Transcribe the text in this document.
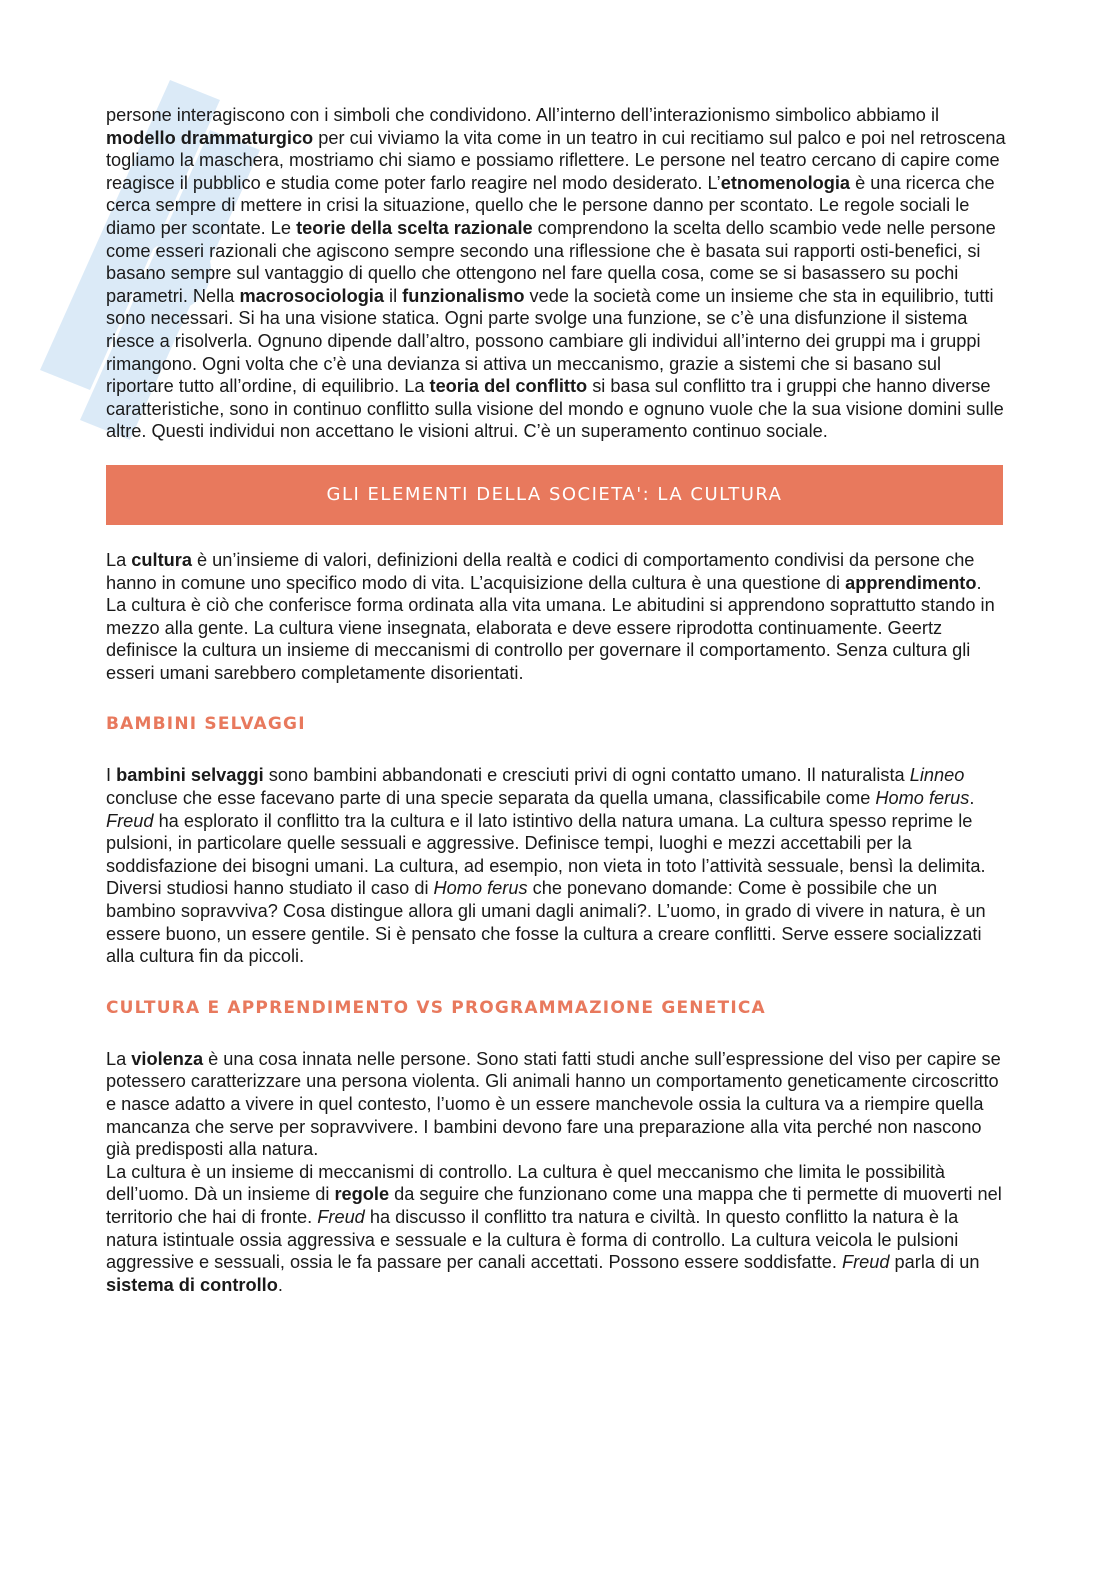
persone interagiscono con i simboli che condividono. All’interno dell’interazionismo simbolico abbiamo il modello drammaturgico per cui viviamo la vita come in un teatro in cui recitiamo sul palco e poi nel retroscena togliamo la maschera, mostriamo chi siamo e possiamo riflettere. Le persone nel teatro cercano di capire come reagisce il pubblico e studia come poter farlo reagire nel modo desiderato. L’etnomenologia è una ricerca che cerca sempre di mettere in crisi la situazione, quello che le persone danno per scontato. Le regole sociali le diamo per scontate. Le teorie della scelta razionale comprendono la scelta dello scambio vede nelle persone come esseri razionali che agiscono sempre secondo una riflessione che è basata sui rapporti osti-benefici, si basano sempre sul vantaggio di quello che ottengono nel fare quella cosa, come se si basassero su pochi parametri. Nella macrosociologia il funzionalismo vede la società come un insieme che sta in equilibrio, tutti sono necessari. Si ha una visione statica. Ogni parte svolge una funzione, se c’è una disfunzione il sistema riesce a risolverla. Ognuno dipende dall’altro, possono cambiare gli individui all’interno dei gruppi ma i gruppi rimangono. Ogni volta che c’è una devianza si attiva un meccanismo, grazie a sistemi che si basano sul riportare tutto all’ordine, di equilibrio. La teoria del conflitto si basa sul conflitto tra i gruppi che hanno diverse caratteristiche, sono in continuo conflitto sulla visione del mondo e ognuno vuole che la sua visione domini sulle altre. Questi individui non accettano le visioni altrui. C’è un superamento continuo sociale.

GLI ELEMENTI DELLA SOCIETA': LA CULTURA

La cultura è un’insieme di valori, definizioni della realtà e codici di comportamento condivisi da persone che hanno in comune uno specifico modo di vita. L’acquisizione della cultura è una questione di apprendimento. La cultura è ciò che conferisce forma ordinata alla vita umana. Le abitudini si apprendono soprattutto stando in mezzo alla gente. La cultura viene insegnata, elaborata e deve essere riprodotta continuamente. Geertz definisce la cultura un insieme di meccanismi di controllo per governare il comportamento. Senza cultura gli esseri umani sarebbero completamente disorientati.

BAMBINI SELVAGGI

I bambini selvaggi sono bambini abbandonati e cresciuti privi di ogni contatto umano. Il naturalista Linneo concluse che esse facevano parte di una specie separata da quella umana, classificabile come Homo ferus. Freud ha esplorato il conflitto tra la cultura e il lato istintivo della natura umana. La cultura spesso reprime le pulsioni, in particolare quelle sessuali e aggressive. Definisce tempi, luoghi e mezzi accettabili per la soddisfazione dei bisogni umani. La cultura, ad esempio, non vieta in toto l’attività sessuale, bensì la delimita. Diversi studiosi hanno studiato il caso di Homo ferus che ponevano domande: Come è possibile che un bambino sopravviva? Cosa distingue allora gli umani dagli animali?. L’uomo, in grado di vivere in natura, è un essere buono, un essere gentile. Si è pensato che fosse la cultura a creare conflitti. Serve essere socializzati alla cultura fin da piccoli.

CULTURA E APPRENDIMENTO VS PROGRAMMAZIONE GENETICA

La violenza è una cosa innata nelle persone. Sono stati fatti studi anche sull’espressione del viso per capire se potessero caratterizzare una persona violenta. Gli animali hanno un comportamento geneticamente circoscritto e nasce adatto a vivere in quel contesto, l’uomo è un essere manchevole ossia la cultura va a riempire quella mancanza che serve per sopravvivere. I bambini devono fare una preparazione alla vita perché non nascono già predisposti alla natura.
La cultura è un insieme di meccanismi di controllo. La cultura è quel meccanismo che limita le possibilità dell’uomo. Dà un insieme di regole da seguire che funzionano come una mappa che ti permette di muoverti nel territorio che hai di fronte. Freud ha discusso il conflitto tra natura e civiltà. In questo conflitto la natura è la natura istintuale ossia aggressiva e sessuale e la cultura è forma di controllo. La cultura veicola le pulsioni aggressive e sessuali, ossia le fa passare per canali accettati. Possono essere soddisfatte. Freud parla di un sistema di controllo.
